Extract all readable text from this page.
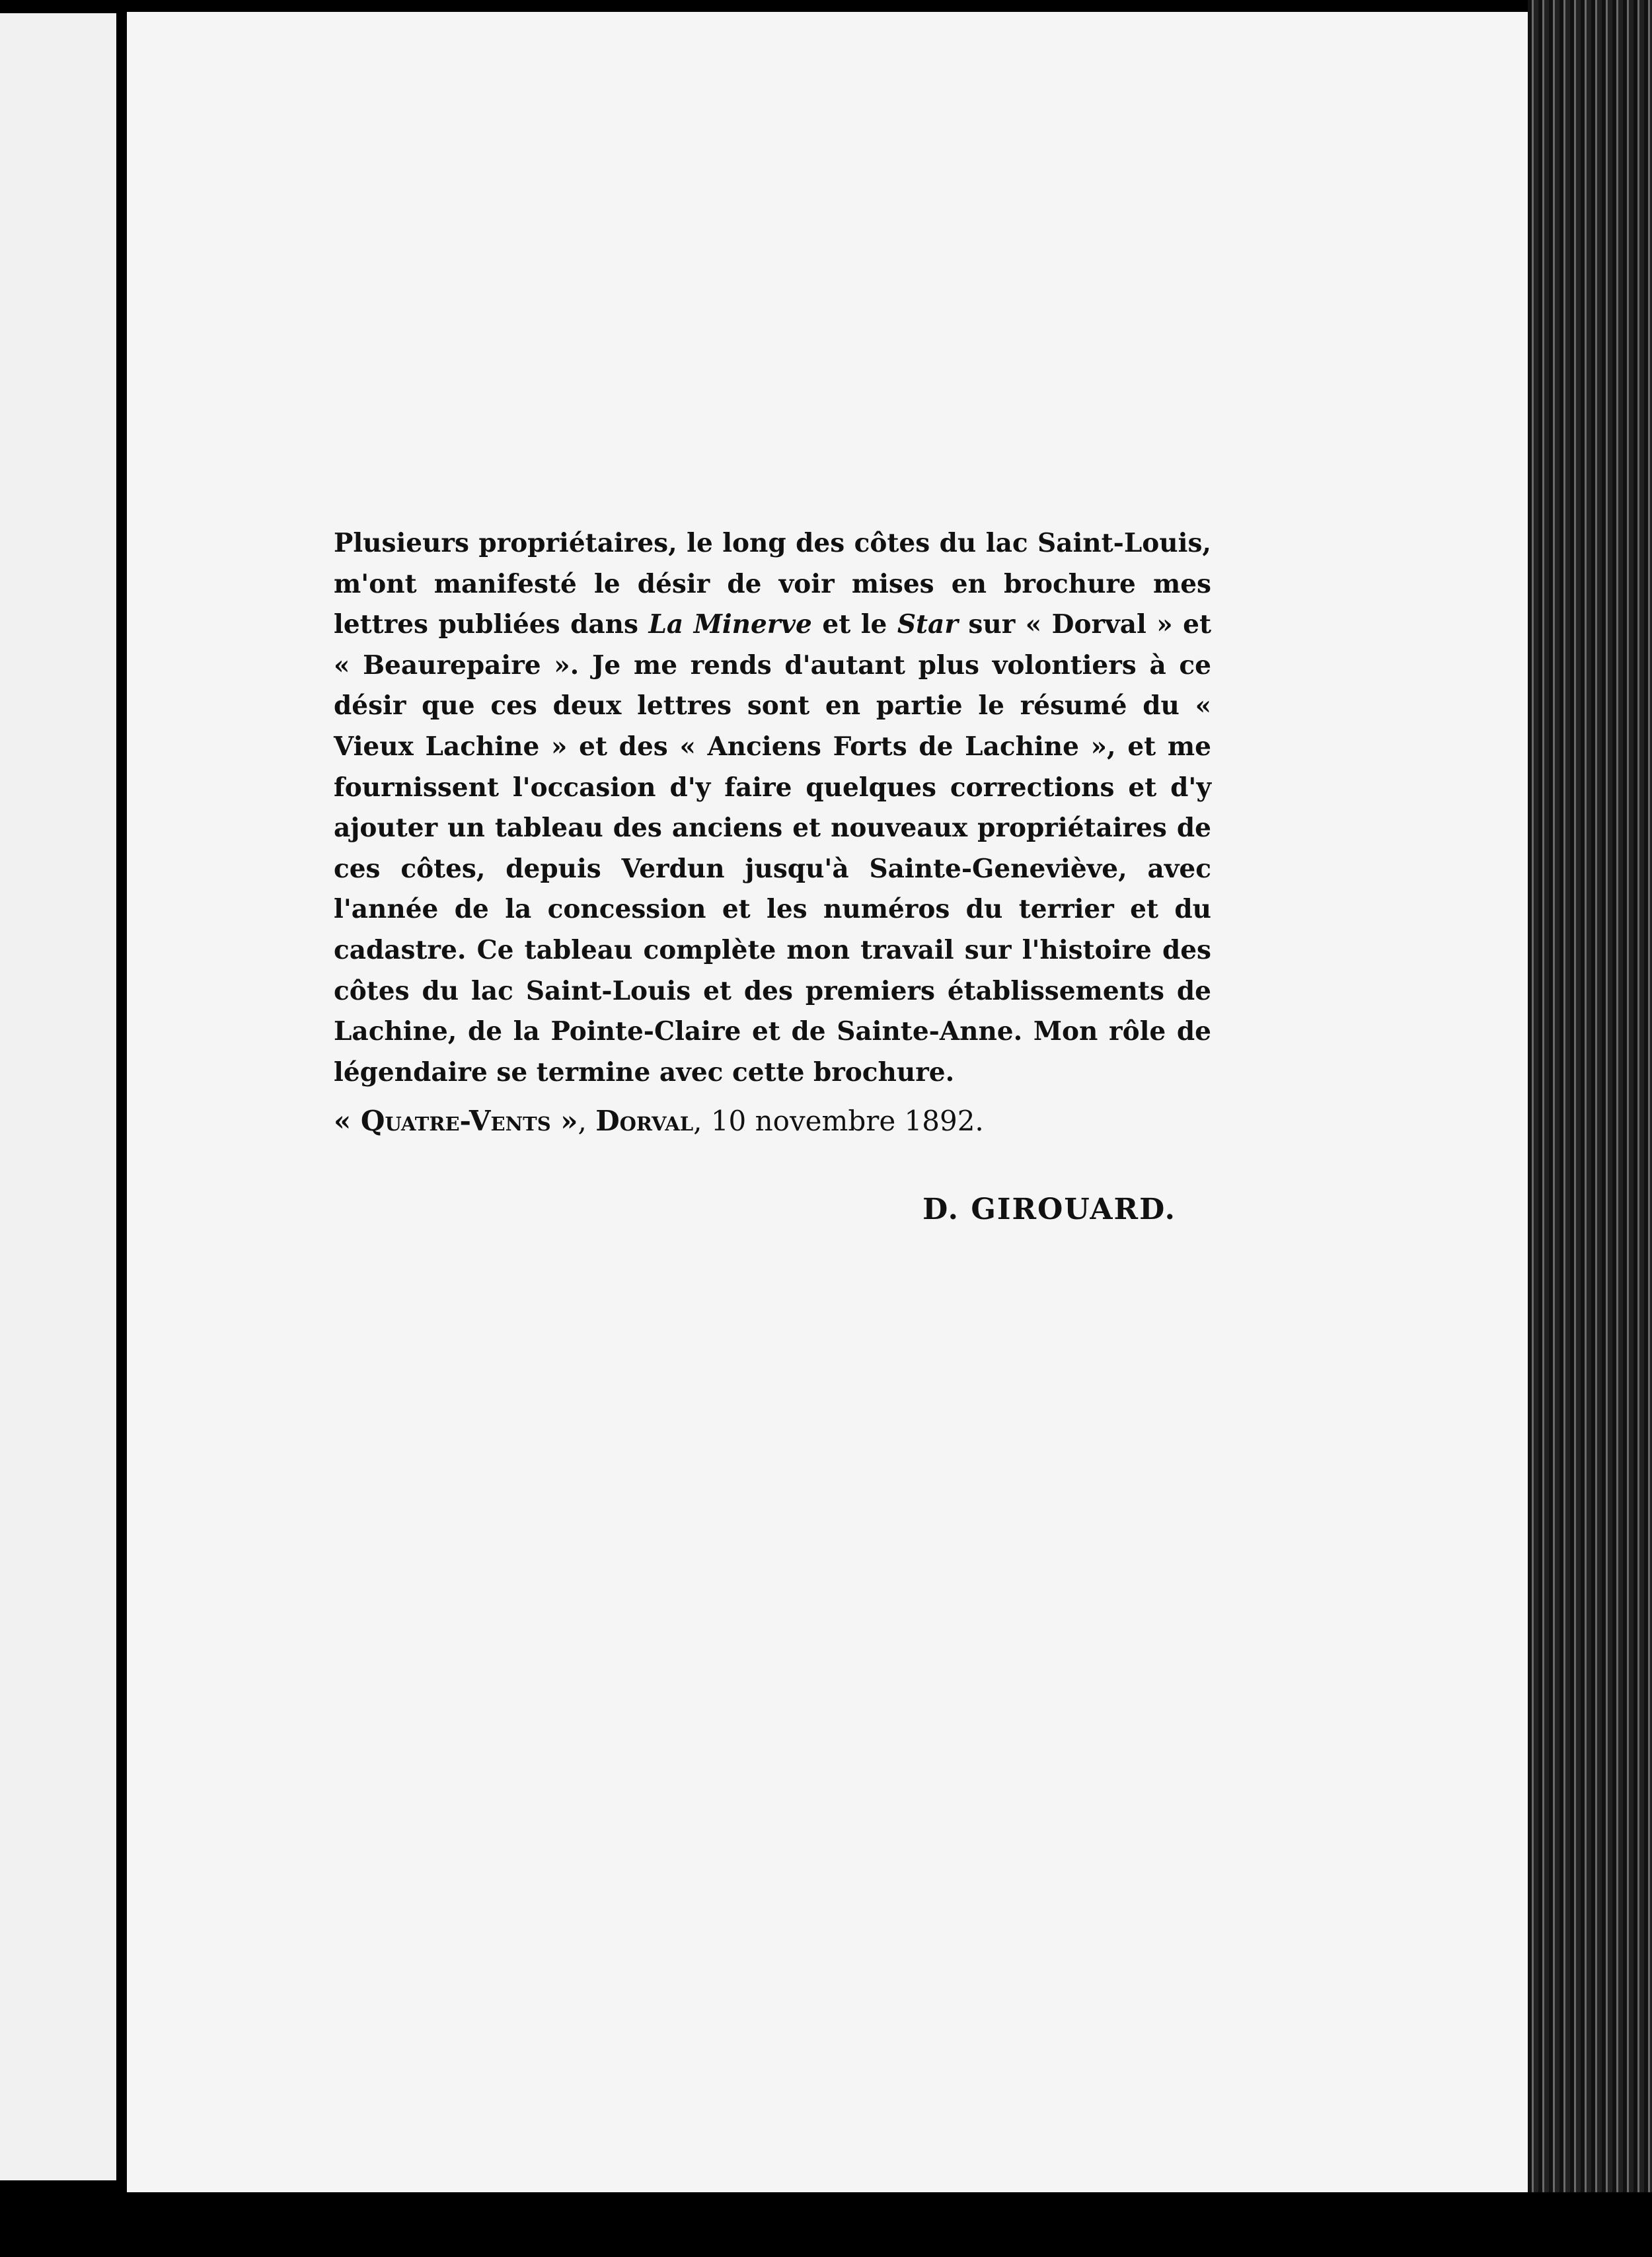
Plusieurs propriétaires, le long des côtes du lac Saint-Louis, m'ont manifesté le désir de voir mises en brochure mes lettres publiées dans La Minerve et le Star sur « Dorval » et « Beaurepaire ». Je me rends d'autant plus volontiers à ce désir que ces deux lettres sont en partie le résumé du « Vieux Lachine » et des « Anciens Forts de Lachine », et me fournissent l'occasion d'y faire quelques corrections et d'y ajouter un tableau des anciens et nouveaux propriétaires de ces côtes, depuis Verdun jusqu'à Sainte-Geneviève, avec l'année de la concession et les numéros du terrier et du cadastre. Ce tableau complète mon travail sur l'histoire des côtes du lac Saint-Louis et des premiers établissements de Lachine, de la Pointe-Claire et de Sainte-Anne. Mon rôle de légendaire se termine avec cette brochure.

« Quatre-Vents », Dorval, 10 novembre 1892.

D. GIROUARD.
